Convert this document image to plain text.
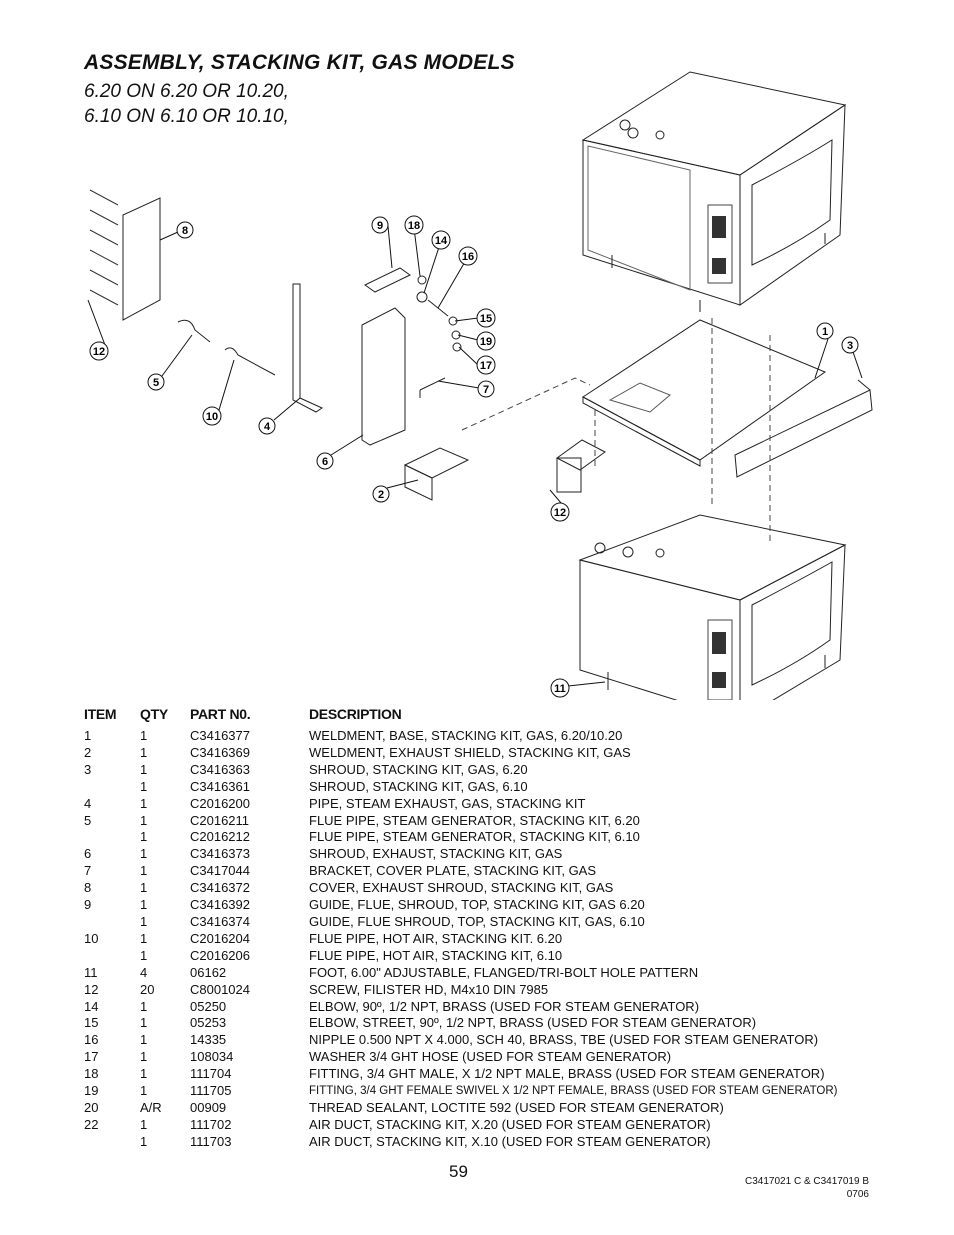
ASSEMBLY, STACKING KIT, GAS MODELS

6.20 ON 6.20 OR 10.20,

6.10 ON 6.10 OR 10.10,

8	9 18
14
16
15
19
17
7
12
5
10
4
6
2
1
3
12
11
ITEM	QTY	PART N0.	DESCRIPTION
1	1	C3416377	WELDMENT, BASE, STACKING KIT, GAS, 6.20/10.20
2	1	C3416369	WELDMENT, EXHAUST SHIELD, STACKING KIT, GAS
3	1	C3416363	SHROUD, STACKING KIT, GAS, 6.20
	1	C3416361	SHROUD, STACKING KIT, GAS, 6.10
4	1	C2016200	PIPE, STEAM EXHAUST, GAS, STACKING KIT
5	1	C2016211	FLUE PIPE, STEAM GENERATOR, STACKING KIT, 6.20
	1	C2016212	FLUE PIPE, STEAM GENERATOR, STACKING KIT, 6.10
6	1	C3416373	SHROUD, EXHAUST, STACKING KIT, GAS
7	1	C3417044	BRACKET, COVER PLATE, STACKING KIT, GAS
8	1	C3416372	COVER, EXHAUST SHROUD, STACKING KIT, GAS
9	1	C3416392	GUIDE, FLUE, SHROUD, TOP, STACKING KIT, GAS 6.20
	1	C3416374	GUIDE, FLUE SHROUD, TOP, STACKING KIT, GAS, 6.10
10	1	C2016204	FLUE PIPE, HOT AIR, STACKING KIT. 6.20
	1	C2016206	FLUE PIPE, HOT AIR, STACKING KIT, 6.10
11	4	06162	FOOT, 6.00" ADJUSTABLE, FLANGED/TRI-BOLT HOLE PATTERN
12	20	C8001024	SCREW, FILISTER HD, M4x10 DIN 7985
14	1	05250	ELBOW, 90º, 1/2 NPT, BRASS (USED FOR STEAM GENERATOR)
15	1	05253	ELBOW, STREET, 90º, 1/2 NPT, BRASS (USED FOR STEAM GENERATOR)
16	1	14335	NIPPLE 0.500 NPT X 4.000, SCH 40, BRASS, TBE (USED FOR STEAM GENERATOR)
17	1	108034	WASHER 3/4 GHT HOSE (USED FOR STEAM GENERATOR)
18	1	111704	FITTING, 3/4 GHT MALE, X 1/2 NPT MALE, BRASS (USED FOR STEAM GENERATOR)
19	1	111705	FITTING, 3/4 GHT FEMALE SWIVEL X 1/2 NPT FEMALE, BRASS (USED FOR STEAM GENERATOR)
20	A/R	00909	THREAD SEALANT, LOCTITE 592 (USED FOR STEAM GENERATOR)
22	1	111702	AIR DUCT, STACKING KIT, X.20 (USED FOR STEAM GENERATOR)
	1	111703	AIR DUCT, STACKING KIT, X.10 (USED FOR STEAM GENERATOR)
59
C3417021 C & C3417019 B
0706
